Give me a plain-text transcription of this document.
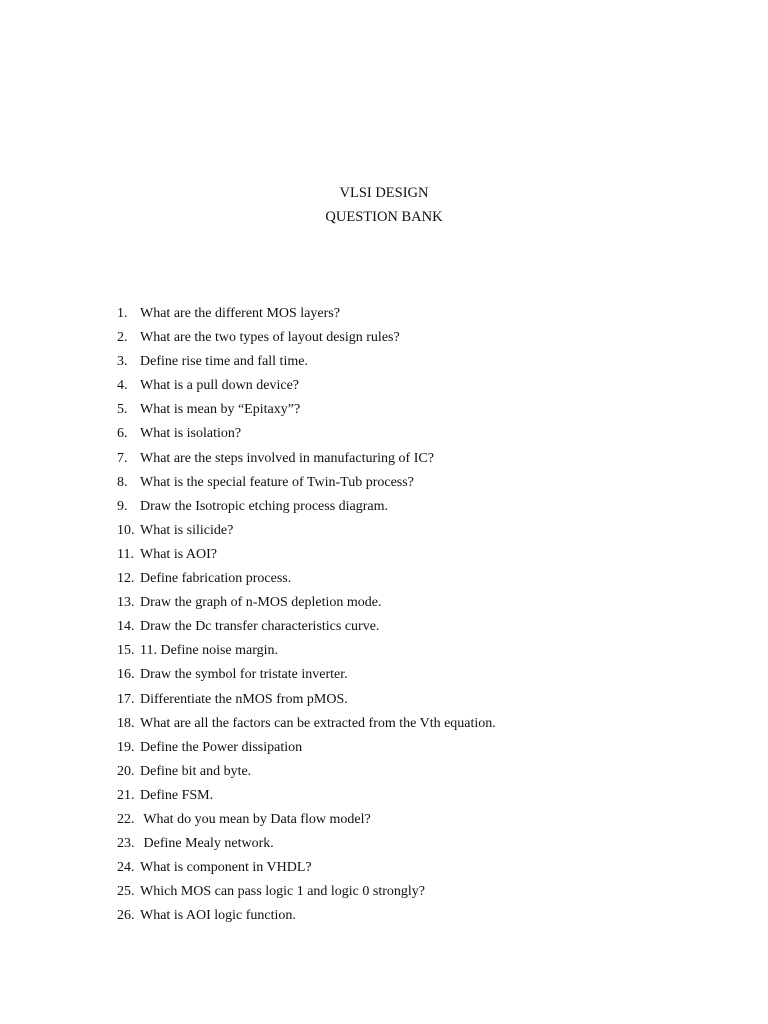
VLSI DESIGN
QUESTION BANK
1. What are the different MOS layers?
2. What are the two types of layout design rules?
3. Define rise time and fall time.
4. What is a pull down device?
5. What is mean by “Epitaxy”?
6. What is isolation?
7. What are the steps involved in manufacturing of IC?
8. What is the special feature of Twin-Tub process?
9. Draw the Isotropic etching process diagram.
10. What is silicide?
11. What is AOI?
12. Define fabrication process.
13. Draw the graph of n-MOS depletion mode.
14. Draw the Dc transfer characteristics curve.
15. 11. Define noise margin.
16. Draw the symbol for tristate inverter.
17. Differentiate the nMOS from pMOS.
18. What are all the factors can be extracted from the Vth equation.
19. Define the Power dissipation
20. Define bit and byte.
21. Define FSM.
22. What do you mean by Data flow model?
23. Define Mealy network.
24. What is component in VHDL?
25. Which MOS can pass logic 1 and logic 0 strongly?
26. What is AOI logic function.
